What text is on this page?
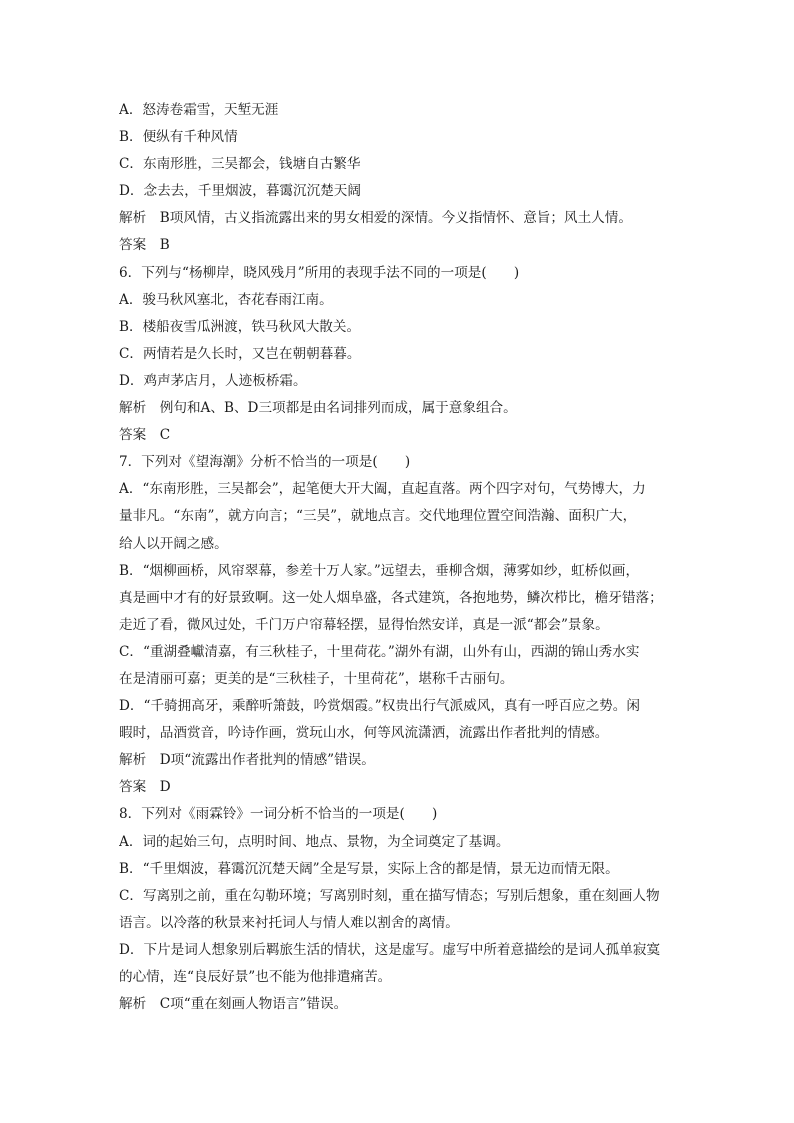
A．怒涛卷霜雪，天堑无涯
B．便纵有千种风情
C．东南形胜，三吴都会，钱塘自古繁华
D．念去去，千里烟波，暮霭沉沉楚天阔
解析　B项风情，古义指流露出来的男女相爱的深情。今义指情怀、意旨；风土人情。
答案　B
6．下列与“杨柳岸，晓风残月”所用的表现手法不同的一项是(　　)
A．骏马秋风塞北，杏花春雨江南。
B．楼船夜雪瓜洲渡，铁马秋风大散关。
C．两情若是久长时，又岂在朝朝暮暮。
D．鸡声茅店月，人迹板桥霜。
解析　例句和A、B、D三项都是由名词排列而成，属于意象组合。
答案　C
7．下列对《望海潮》分析不恰当的一项是(　　)
A．“东南形胜，三吴都会”，起笔便大开大阖，直起直落。两个四字对句，气势博大，力
量非凡。“东南”，就方向言；“三吴”，就地点言。交代地理位置空间浩瀚、面积广大，
给人以开阔之感。
B．“烟柳画桥，风帘翠幕，参差十万人家。”远望去，垂柳含烟，薄雾如纱，虹桥似画，
真是画中才有的好景致啊。这一处人烟阜盛，各式建筑，各抱地势，鳞次栉比，檐牙错落；
走近了看，微风过处，千门万户帘幕轻摆，显得怡然安详，真是一派“都会”景象。
C．“重湖叠巘清嘉，有三秋桂子，十里荷花。”湖外有湖，山外有山，西湖的锦山秀水实
在是清丽可嘉；更美的是“三秋桂子，十里荷花”，堪称千古丽句。
D．“千骑拥高牙，乘醉听箫鼓，吟赏烟霞。”权贵出行气派威风，真有一呼百应之势。闲
暇时，品酒赏音，吟诗作画，赏玩山水，何等风流潇洒，流露出作者批判的情感。
解析　D项“流露出作者批判的情感”错误。
答案　D
8．下列对《雨霖铃》一词分析不恰当的一项是(　　)
A．词的起始三句，点明时间、地点、景物，为全词奠定了基调。
B．“千里烟波，暮霭沉沉楚天阔”全是写景，实际上含的都是情，景无边而情无限。
C．写离别之前，重在勾勒环境；写离别时刻，重在描写情态；写别后想象，重在刻画人物
语言。以冷落的秋景来衬托词人与情人难以割舍的离情。
D．下片是词人想象别后羁旅生活的情状，这是虚写。虚写中所着意描绘的是词人孤单寂寞
的心情，连“良辰好景”也不能为他排遣痛苦。
解析　C项“重在刻画人物语言”错误。
